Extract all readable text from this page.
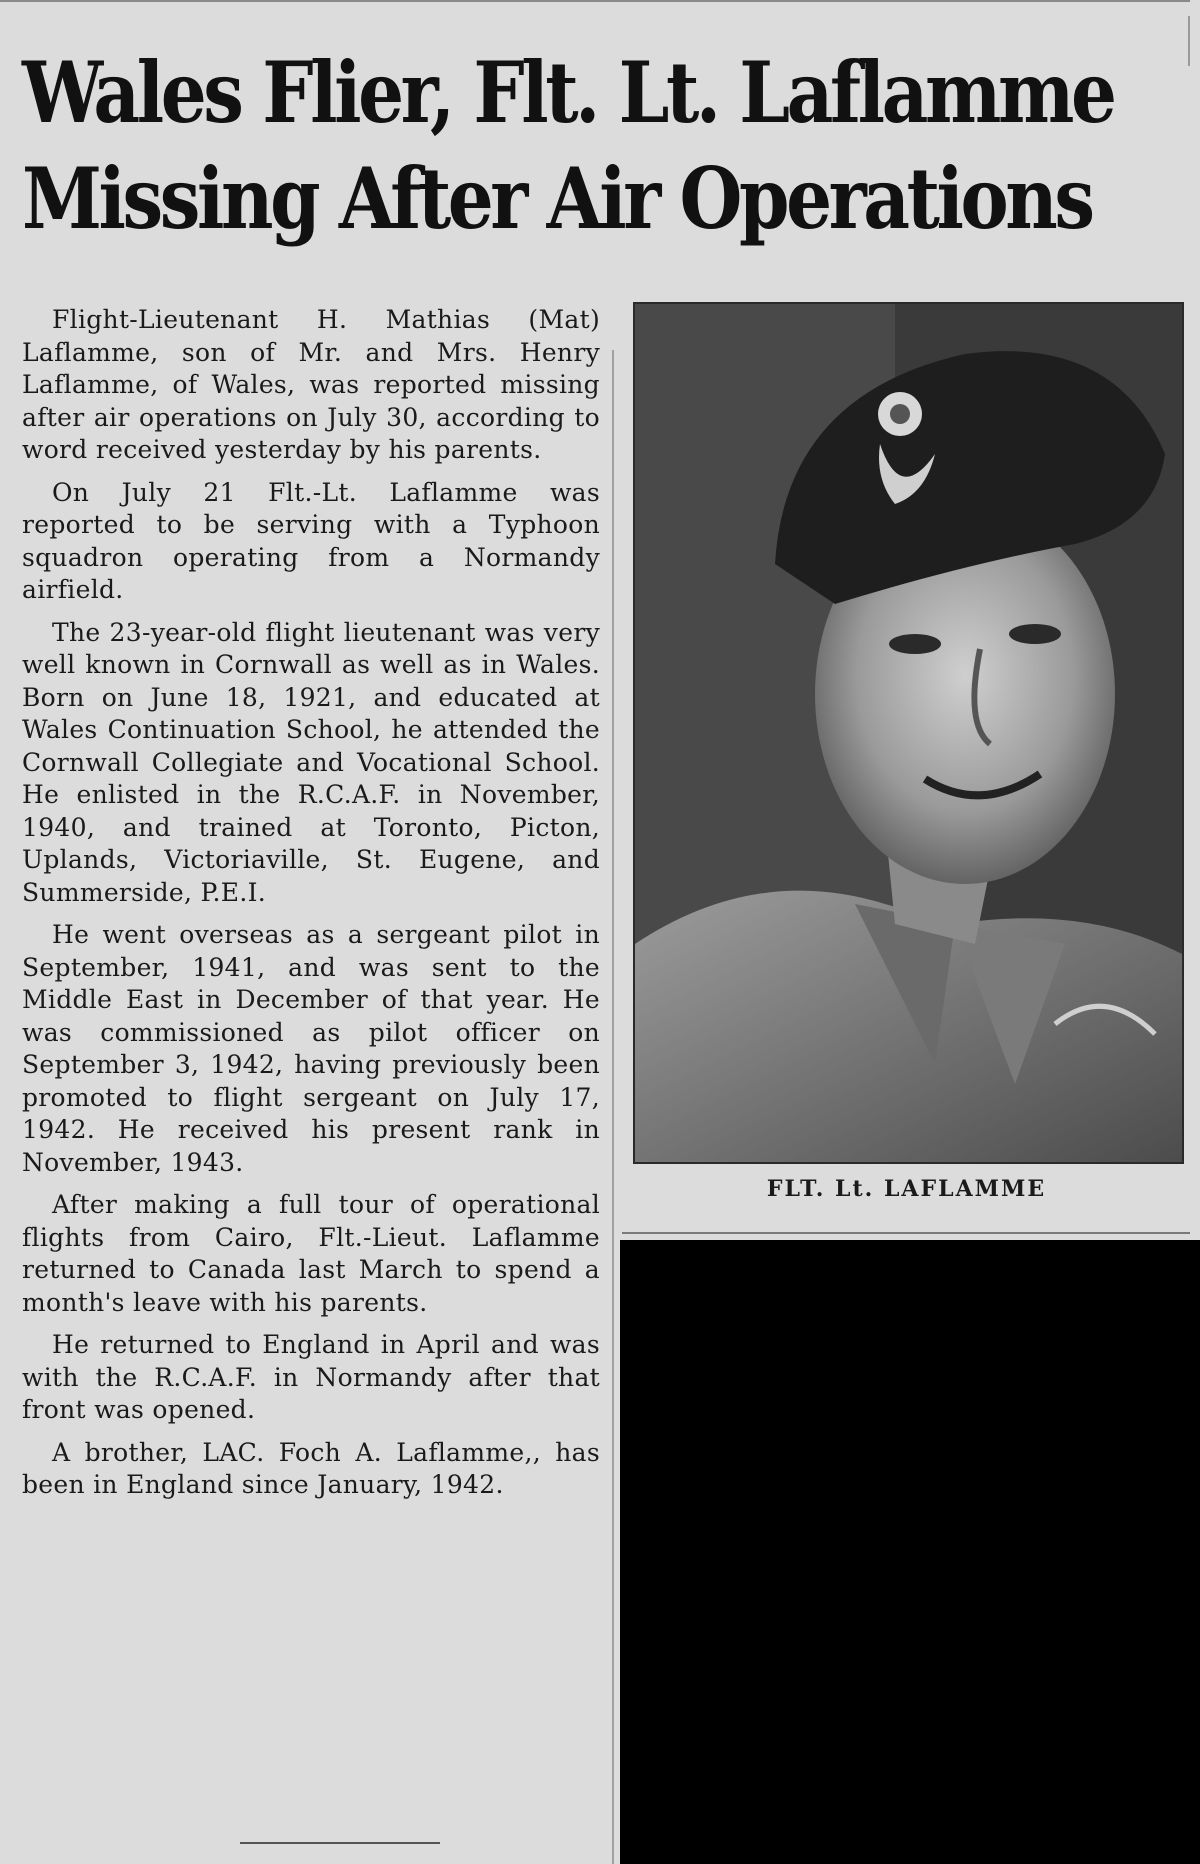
Wales Flier, Flt. Lt. Laflamme
Missing After Air Operations

Flight-Lieutenant H. Mathias (Mat) Laflamme, son of Mr. and Mrs. Henry Laflamme, of Wales, was reported missing after air operations on July 30, according to word received yesterday by his parents.

On July 21 Flt.-Lt. Laflamme was reported to be serving with a Typhoon squadron operating from a Normandy airfield.

The 23-year-old flight lieutenant was very well known in Cornwall as well as in Wales. Born on June 18, 1921, and educated at Wales Continuation School, he attended the Cornwall Collegiate and Vocational School. He enlisted in the R.C.A.F. in November, 1940, and trained at Toronto, Picton, Uplands, Victoriaville, St. Eugene, and Summerside, P.E.I.

He went overseas as a sergeant pilot in September, 1941, and was sent to the Middle East in December of that year. He was commissioned as pilot officer on September 3, 1942, having previously been promoted to flight sergeant on July 17, 1942. He received his present rank in November, 1943.

After making a full tour of operational flights from Cairo, Flt.-Lieut. Laflamme returned to Canada last March to spend a month's leave with his parents.

He returned to England in April and was with the R.C.A.F. in Normandy after that front was opened.

A brother, LAC. Foch A. Laflamme,, has been in England since January, 1942.

FLT. Lt. LAFLAMME
